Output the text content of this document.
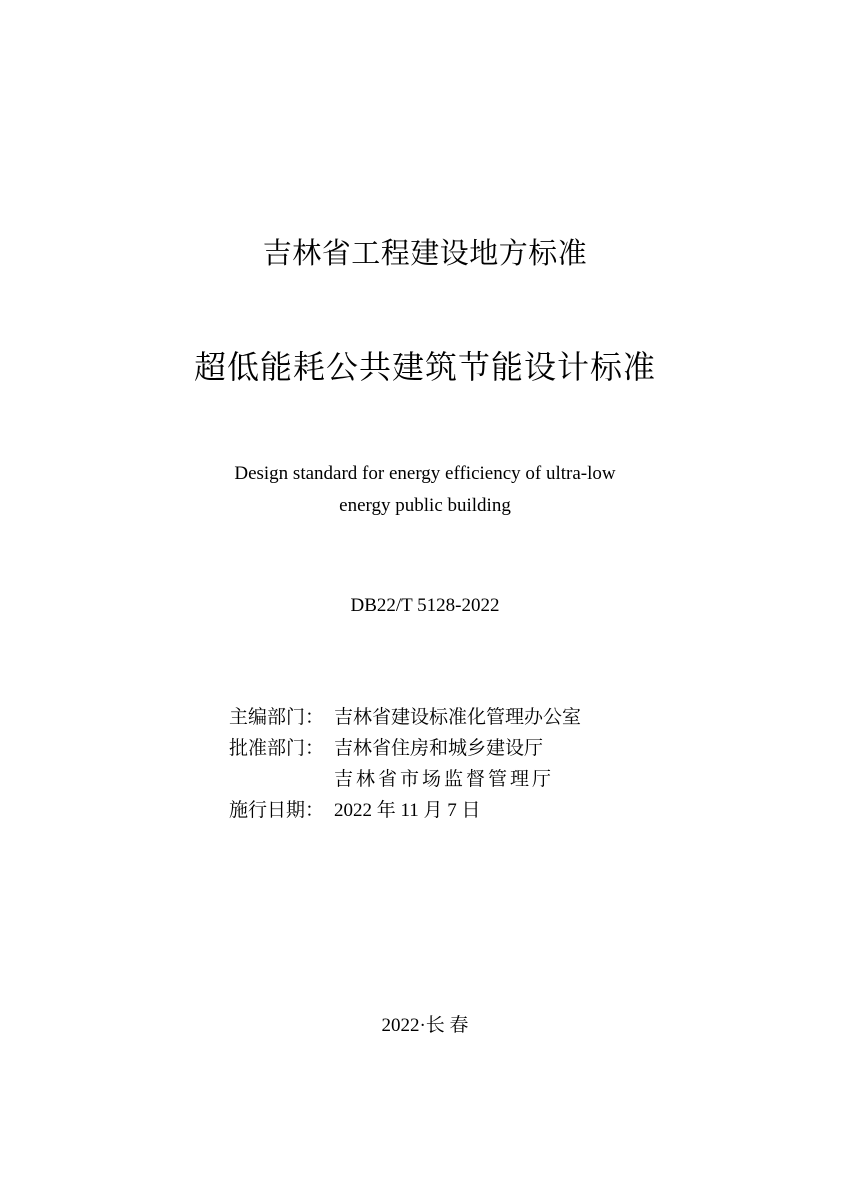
吉林省工程建设地方标准
超低能耗公共建筑节能设计标准
Design standard for energy efficiency of ultra-low
energy public building
DB22/T 5128-2022
主编部门： 吉林省建设标准化管理办公室
批准部门： 吉林省住房和城乡建设厅
吉林省市场监督管理厅
施行日期： 2022 年 11 月 7 日
2022·长 春
